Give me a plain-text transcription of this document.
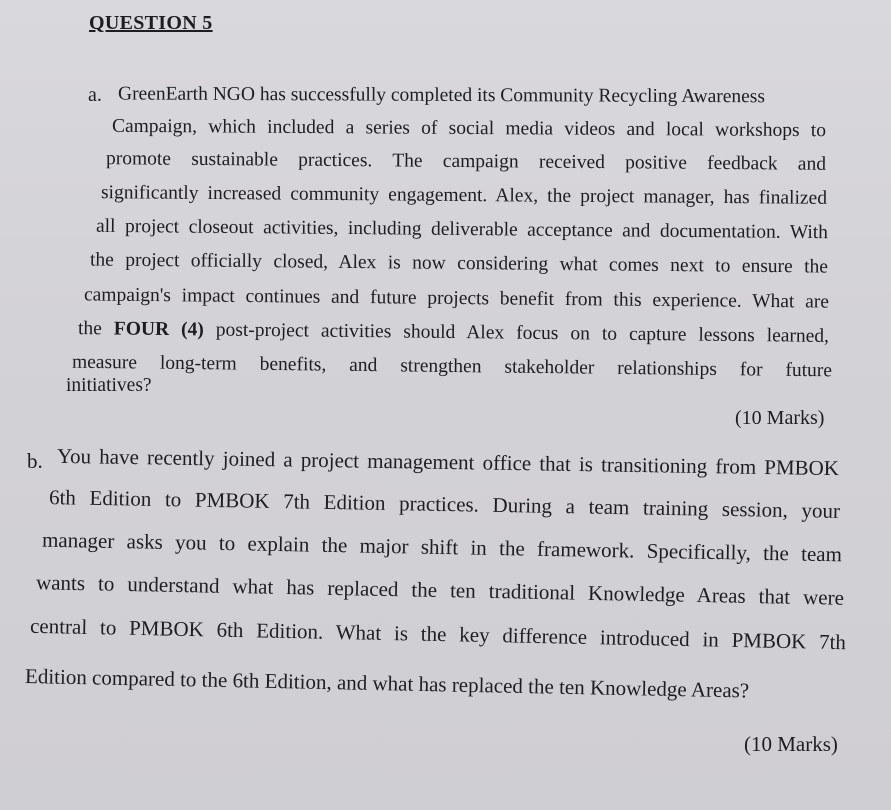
QUESTION 5
a. GreenEarth NGO has successfully completed its Community Recycling Awareness
Campaign, which included a series of social media videos and local workshops to
promote sustainable practices. The campaign received positive feedback and
significantly increased community engagement. Alex, the project manager, has finalized
all project closeout activities, including deliverable acceptance and documentation. With
the project officially closed, Alex is now considering what comes next to ensure the
campaign's impact continues and future projects benefit from this experience. What are
the FOUR (4) post-project activities should Alex focus on to capture lessons learned,
measure long-term benefits, and strengthen stakeholder relationships for future
initiatives?
(10 Marks)
b. You have recently joined a project management office that is transitioning from PMBOK
6th Edition to PMBOK 7th Edition practices. During a team training session, your
manager asks you to explain the major shift in the framework. Specifically, the team
wants to understand what has replaced the ten traditional Knowledge Areas that were
central to PMBOK 6th Edition. What is the key difference introduced in PMBOK 7th
Edition compared to the 6th Edition, and what has replaced the ten Knowledge Areas?
(10 Marks)
